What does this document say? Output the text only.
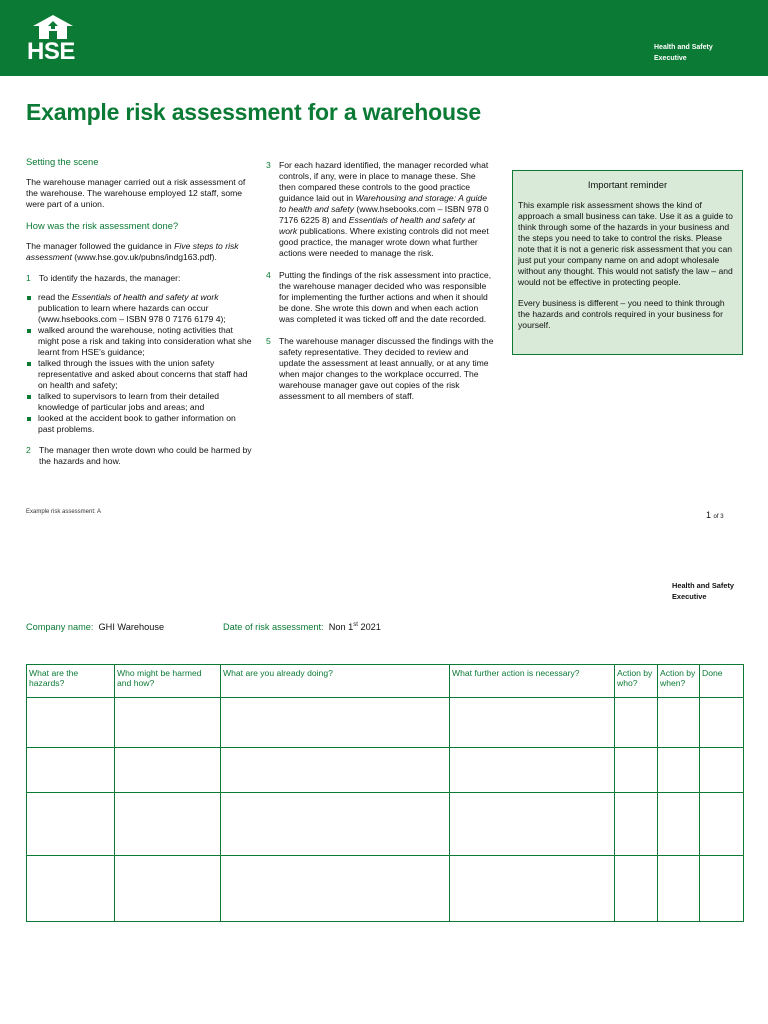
HSE	Health and Safety
Executive
Example risk assessment for a warehouse
Setting the scene
The warehouse manager carried out a risk assessment of the warehouse. The warehouse employed 12 staff, some were part of a union.
How was the risk assessment done?
The manager followed the guidance in Five steps to risk assessment (www.hse.gov.uk/pubns/indg163.pdf).
1 To identify the hazards, the manager:
read the Essentials of health and safety at work publication to learn where hazards can occur (www.hsebooks.com – ISBN 978 0 7176 6179 4);
walked around the warehouse, noting activities that might pose a risk and taking into consideration what she learnt from HSE's guidance;
talked through the issues with the union safety representative and asked about concerns that staff had on health and safety;
talked to supervisors to learn from their detailed knowledge of particular jobs and areas; and
looked at the accident book to gather information on past problems.
2 The manager then wrote down who could be harmed by the hazards and how.
3 For each hazard identified, the manager recorded what controls, if any, were in place to manage these. She then compared these controls to the good practice guidance laid out in Warehousing and storage: A guide to health and safety (www.hsebooks.com – ISBN 978 0 7176 6225 8) and Essentials of health and safety at work publications. Where existing controls did not meet good practice, the manager wrote down what further actions were needed to manage the risk.
4 Putting the findings of the risk assessment into practice, the warehouse manager decided who was responsible for implementing the further actions and when it should be done. She wrote this down and when each action was completed it was ticked off and the date recorded.
5 The warehouse manager discussed the findings with the safety representative. They decided to review and update the assessment at least annually, or at any time when major changes to the workplace occurred. The warehouse manager gave out copies of the risk assessment to all members of staff.
Important reminder
This example risk assessment shows the kind of approach a small business can take. Use it as a guide to think through some of the hazards in your business and the steps you need to take to control the risks. Please note that it is not a generic risk assessment that you can just put your company name on and adopt wholesale without any thought. This would not satisfy the law – and would not be effective in protecting people.
Every business is different – you need to think through the hazards and controls required in your business for yourself.
Example risk assessment: A	1 of 3
Health and Safety
Executive
Company name: GHI Warehouse	Date of risk assessment: Non 1st 2021
What are the hazards?	Who might be harmed and how?	What are you already doing?	What further action is necessary?	Action by who?	Action by when?	Done
